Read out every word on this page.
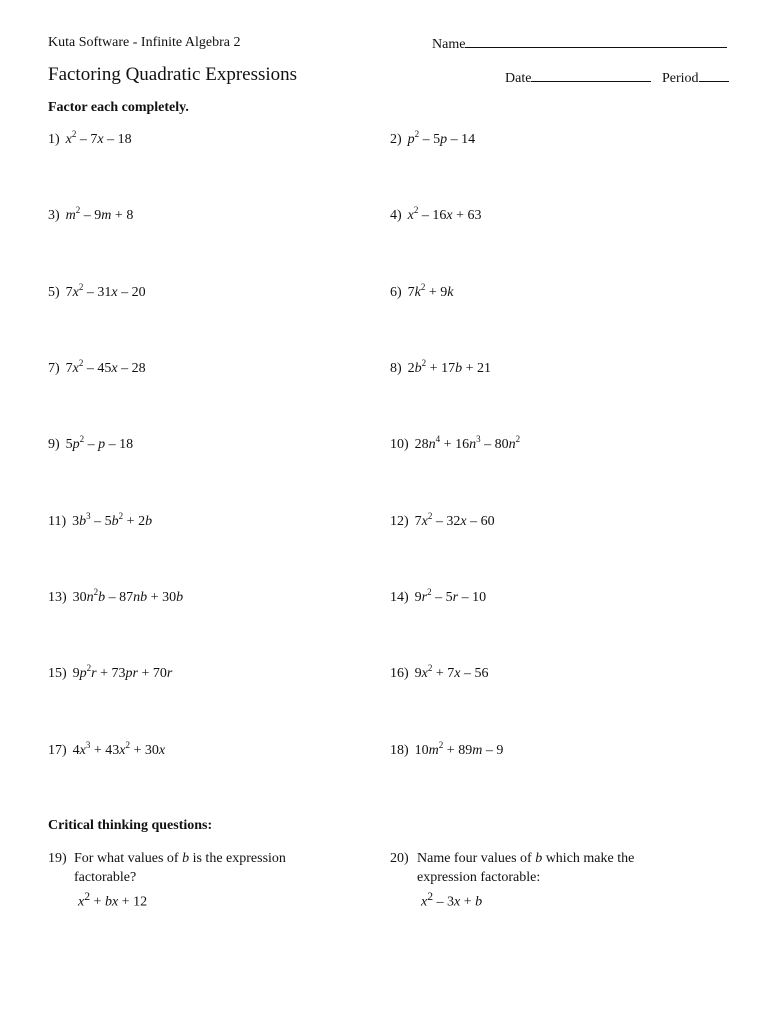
Kuta Software - Infinite Algebra 2	Name
Factoring Quadratic Expressions	Date	Period
Factor each completely.
1) $x^2 - 7x - 18$	2) $p^2 - 5p - 14$
3) $m^2 - 9m + 8$	4) $x^2 - 16x + 63$
5) $7x^2 - 31x - 20$	6) $7k^2 + 9k$
7) $7x^2 - 45x - 28$	8) $2b^2 + 17b + 21$
9) $5p^2$ – p – 18	10) $28n^4 + 16n^3 - 80n^2$
11) $3b^3 - 5b^2 + 2b$	12) $7x^2 - 32x - 60$
13) $30n^2b - 87nb + 30b$	14) $9r^2 - 5r - 10$
15) $9p^2r + 73pr + 70r$	16) $9x^2 + 7x - 56$
17) $4x^3 + 43x^2 + 30x$	18) $10m^2 + 89m - 9$
Critical thinking questions:
19) For what values of b is the expression
factorable?
$x^2$ + bx + 12
20) Name four values of b which make the
expression factorable:
$x^2 - 3x + b$
